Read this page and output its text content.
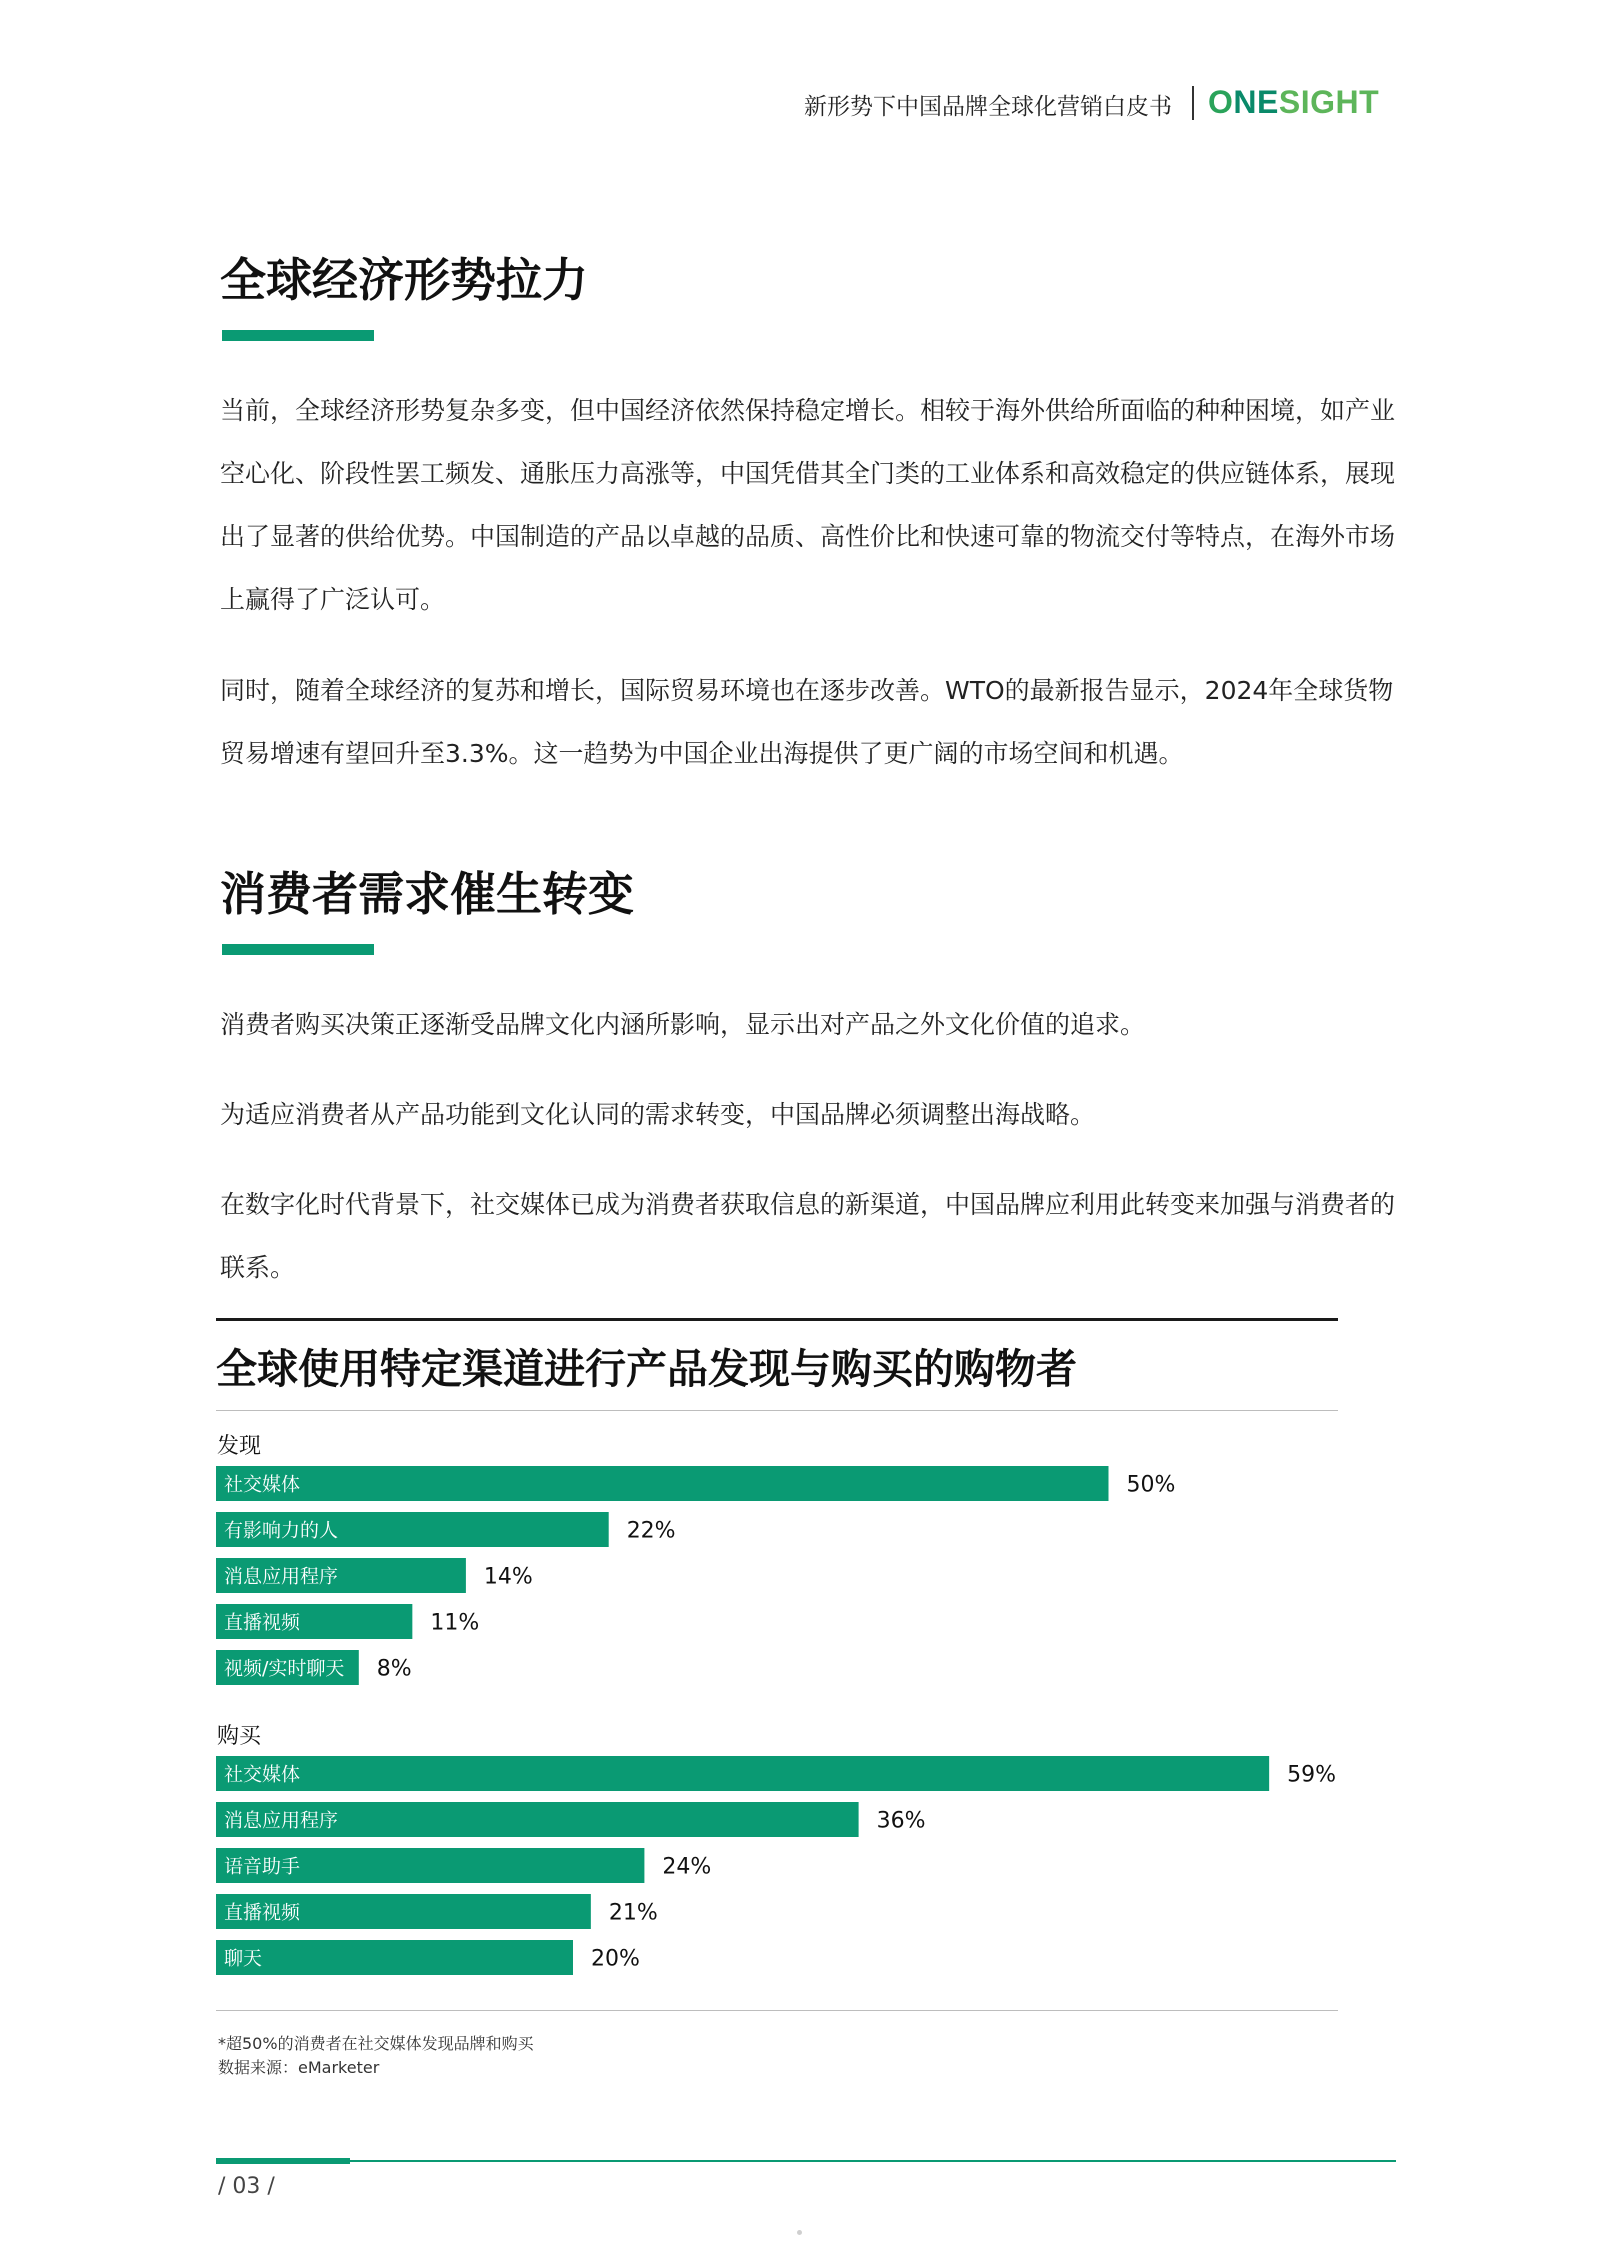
新形势下中国品牌全球化营销白皮书 ONESIGHT
全球经济形势拉力

当前，全球经济形势复杂多变，但中国经济依然保持稳定增长。相较于海外供给所面临的种种困境，如产业空心化、阶段性罢工频发、通胀压力高涨等，中国凭借其全门类的工业体系和高效稳定的供应链体系，展现出了显著的供给优势。中国制造的产品以卓越的品质、高性价比和快速可靠的物流交付等特点，在海外市场上赢得了广泛认可。

同时，随着全球经济的复苏和增长，国际贸易环境也在逐步改善。WTO的最新报告显示，2024年全球货物贸易增速有望回升至3.3%。这一趋势为中国企业出海提供了更广阔的市场空间和机遇。

消费者需求催生转变

消费者购买决策正逐渐受品牌文化内涵所影响，显示出对产品之外文化价值的追求。

为适应消费者从产品功能到文化认同的需求转变，中国品牌必须调整出海战略。

在数字化时代背景下，社交媒体已成为消费者获取信息的新渠道，中国品牌应利用此转变来加强与消费者的联系。

全球使用特定渠道进行产品发现与购买的购物者
发现
社交媒体	50%
有影响力的人	22%
消息应用程序	14%
直播视频	11%
视频/实时聊天 8%
购买
社交媒体	59%
消息应用程序	36%
语音助手	24%
直播视频	21%
聊天	20%
*超50%的消费者在社交媒体发现品牌和购买
数据来源：eMarketer
/ 03 /
